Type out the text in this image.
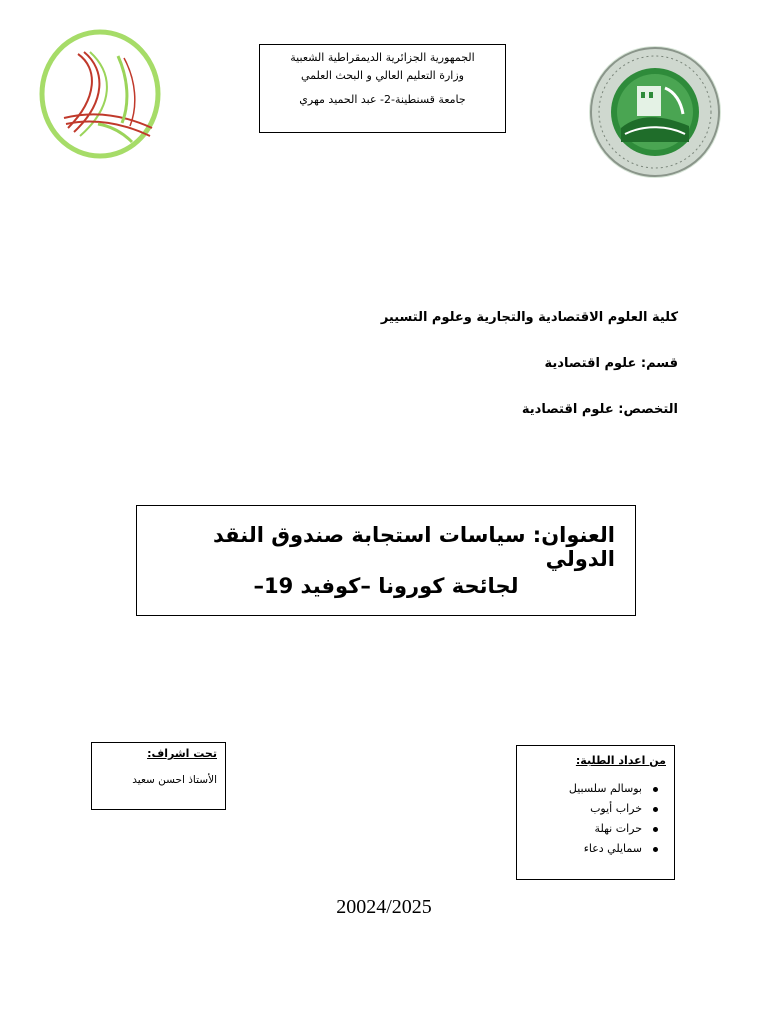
الجمهورية الجزائرية الديمقراطية الشعبية
وزارة التعليم العالي و البحث العلمي
جامعة قسنطينة-2- عبد الحميد مهري
كلية العلوم الاقتصادية والتجارية وعلوم التسيير
قسم: علوم اقتصادية
التخصص: علوم اقتصادية
العنوان: سياسات استجابة صندوق النقد الدولي
لجائحة كورونا –كوفيد 19–
تحت اشراف:
الأستاذ احسن سعيد
من اعداد الطلبة:
بوسالم سلسبيل
خراب أيوب
حرات نهلة
سمايلي دعاء
20024/2025
